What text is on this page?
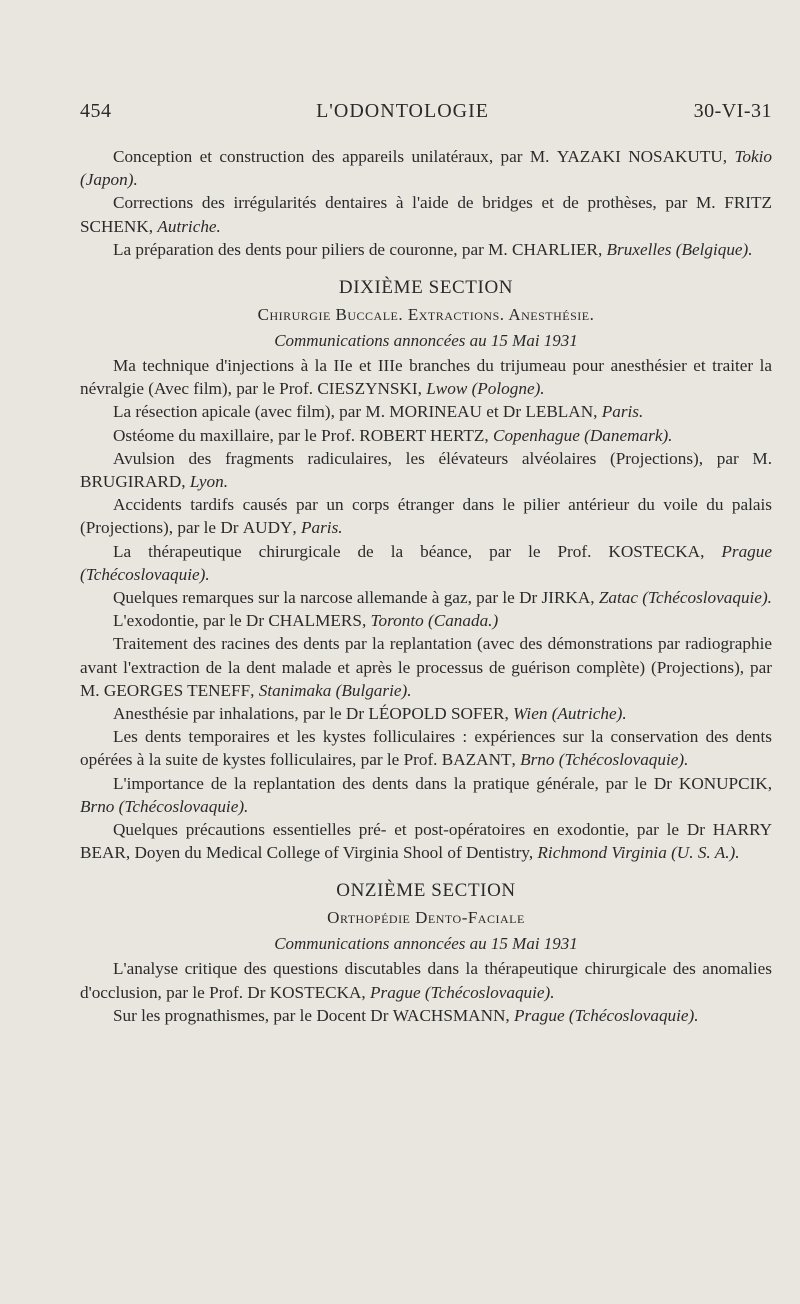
454	L'ODONTOLOGIE	30-VI-31

Conception et construction des appareils unilatéraux, par M. YAZAKI NOSAKUTU, Tokio (Japon).

Corrections des irrégularités dentaires à l'aide de bridges et de prothèses, par M. FRITZ SCHENK, Autriche.

La préparation des dents pour piliers de couronne, par M. CHARLIER, Bruxelles (Belgique).

DIXIÈME SECTION
Chirurgie Buccale. Extractions. Anesthésie.
Communications annoncées au 15 Mai 1931

Ma technique d'injections à la IIe et IIIe branches du trijumeau pour anesthésier et traiter la névralgie (Avec film), par le Prof. CIESZYNSKI, Lwow (Pologne).

La résection apicale (avec film), par M. MORINEAU et Dr LEBLAN, Paris.

Ostéome du maxillaire, par le Prof. ROBERT HERTZ, Copenhague (Danemark).

Avulsion des fragments radiculaires, les élévateurs alvéolaires (Projections), par M. BRUGIRARD, Lyon.

Accidents tardifs causés par un corps étranger dans le pilier antérieur du voile du palais (Projections), par le Dr AUDY, Paris.

La thérapeutique chirurgicale de la béance, par le Prof. KOSTECKA, Prague (Tchécoslovaquie).

Quelques remarques sur la narcose allemande à gaz, par le Dr JIRKA, Zatac (Tchécoslovaquie).

L'exodontie, par le Dr CHALMERS, Toronto (Canada.)

Traitement des racines des dents par la replantation (avec des démonstrations par radiographie avant l'extraction de la dent malade et après le processus de guérison complète) (Projections), par M. GEORGES TENEFF, Stanimaka (Bulgarie).

Anesthésie par inhalations, par le Dr LÉOPOLD SOFER, Wien (Autriche).

Les dents temporaires et les kystes folliculaires : expériences sur la conservation des dents opérées à la suite de kystes folliculaires, par le Prof. BAZANT, Brno (Tchécoslovaquie).

L'importance de la replantation des dents dans la pratique générale, par le Dr KONUPCIK, Brno (Tchécoslovaquie).

Quelques précautions essentielles pré- et post-opératoires en exodontie, par le Dr HARRY BEAR, Doyen du Medical College of Virginia Shool of Dentistry, Richmond Virginia (U. S. A.).

ONZIÈME SECTION
Orthopédie Dento-Faciale
Communications annoncées au 15 Mai 1931

L'analyse critique des questions discutables dans la thérapeutique chirurgicale des anomalies d'occlusion, par le Prof. Dr KOSTECKA, Prague (Tchécoslovaquie).

Sur les prognathismes, par le Docent Dr WACHSMANN, Prague (Tchécoslovaquie).
